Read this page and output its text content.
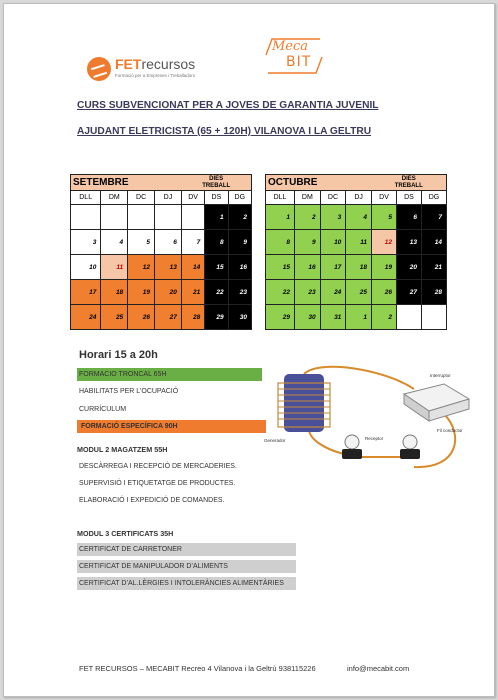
FETrecursos
Formació per a Empreses i Treballadors
Meca
BIT
CURS SUBVENCIONAT PER A JOVES DE GARANTIA JUVENIL
AJUDANT ELETRICISTA (65 + 120H) VILANOVA I LA GELTRU
SETEMBRE				DIES
TREBALL		
DLL	DM	DC	DJ	DV	DS	DG
					1	2
3	4	5	6	7	8	9
10	11	12	13	14	15	16
17	18	19	20	21	22	23
24	25	26	27	28	29	30
OCTUBRE				DIES
TREBALL		
DLL	DM	DC	DJ	DV	DS	DG
1	2	3	4	5	6	7
8	9	10	11	12	13	14
15	16	17	18	19	20	21
22	23	24	25	26	27	28
29	30	31	1	2		
Horari 15 a 20h
FORMACIO TRONCAL 65H
HABILITATS PER L’OCUPACIÓ
CURRÍCULUM
FORMACIÓ ESPECÍFICA 90H
MODUL 2 MAGATZEM 55H
DESCÀRREGA I RECEPCIÓ DE MERCADERIES.
SUPERVISIÓ I ETIQUETATGE DE PRODUCTES.
ELABORACIÓ I EXPEDICIÓ DE COMANDES.
MODUL 3 CERTIFICATS 35H
CERTIFICAT DE CARRETONER
CERTIFICAT DE MANIPULADOR D’ALIMENTS
CERTIFICAT D’AL.LÈRGIES I INTOLERÀNCIES ALIMENTÀRIES
Interruptor
Generador	Receptor
Fil conductor
FET RECURSOS – MECABIT Recreo 4 Vilanova i la Geltrú 938115226	info@mecabit.com
